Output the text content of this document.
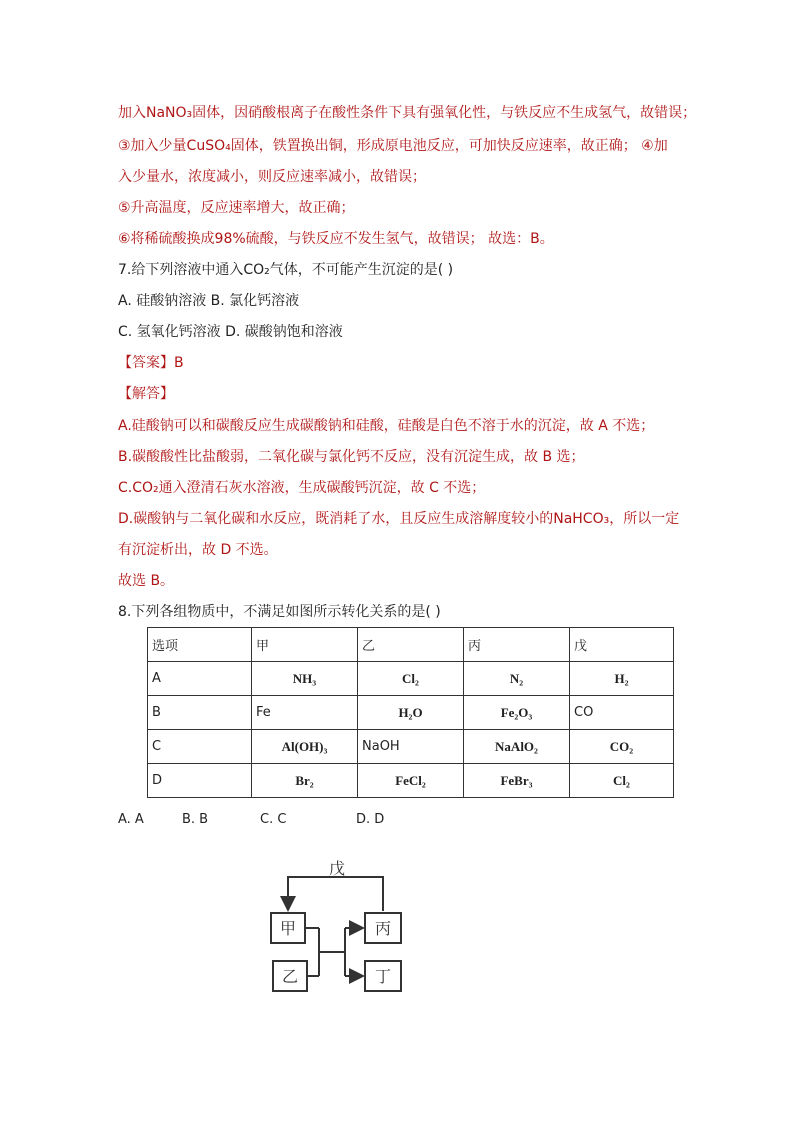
加入NaNO₃固体，因硝酸根离子在酸性条件下具有强氧化性，与铁反应不生成氢气，故错误；
③加入少量CuSO₄固体，铁置换出铜，形成原电池反应，可加快反应速率，故正确； ④加
入少量水，浓度减小，则反应速率减小，故错误；
⑤升高温度，反应速率增大，故正确；
⑥将稀硫酸换成98%硫酸，与铁反应不发生氢气，故错误； 故选：B。
7.给下列溶液中通入CO₂气体，不可能产生沉淀的是( )
A. 硅酸钠溶液 B. 氯化钙溶液
C. 氢氧化钙溶液 D. 碳酸钠饱和溶液
【答案】B
【解答】
A.硅酸钠可以和碳酸反应生成碳酸钠和硅酸，硅酸是白色不溶于水的沉淀，故 A 不选；
B.碳酸酸性比盐酸弱，二氧化碳与氯化钙不反应，没有沉淀生成，故 B 选；
C.CO₂通入澄清石灰水溶液，生成碳酸钙沉淀，故 C 不选；
D.碳酸钠与二氧化碳和水反应，既消耗了水，且反应生成溶解度较小的NaHCO₃，所以一定
有沉淀析出，故 D 不选。
故选 B。
8.下列各组物质中，不满足如图所示转化关系的是( )
选项	甲	乙	丙	戊
A	NH₃	Cl₂	N₂	H₂
B	Fe	H₂O	Fe₂O₃	CO
C	Al(OH)₃	NaOH	NaAlO₂	CO₂
D	Br₂	FeCl₂	FeBr₃	Cl₂
A. A	B. B	C. C	D. D
戊
甲	丙
乙	丁
